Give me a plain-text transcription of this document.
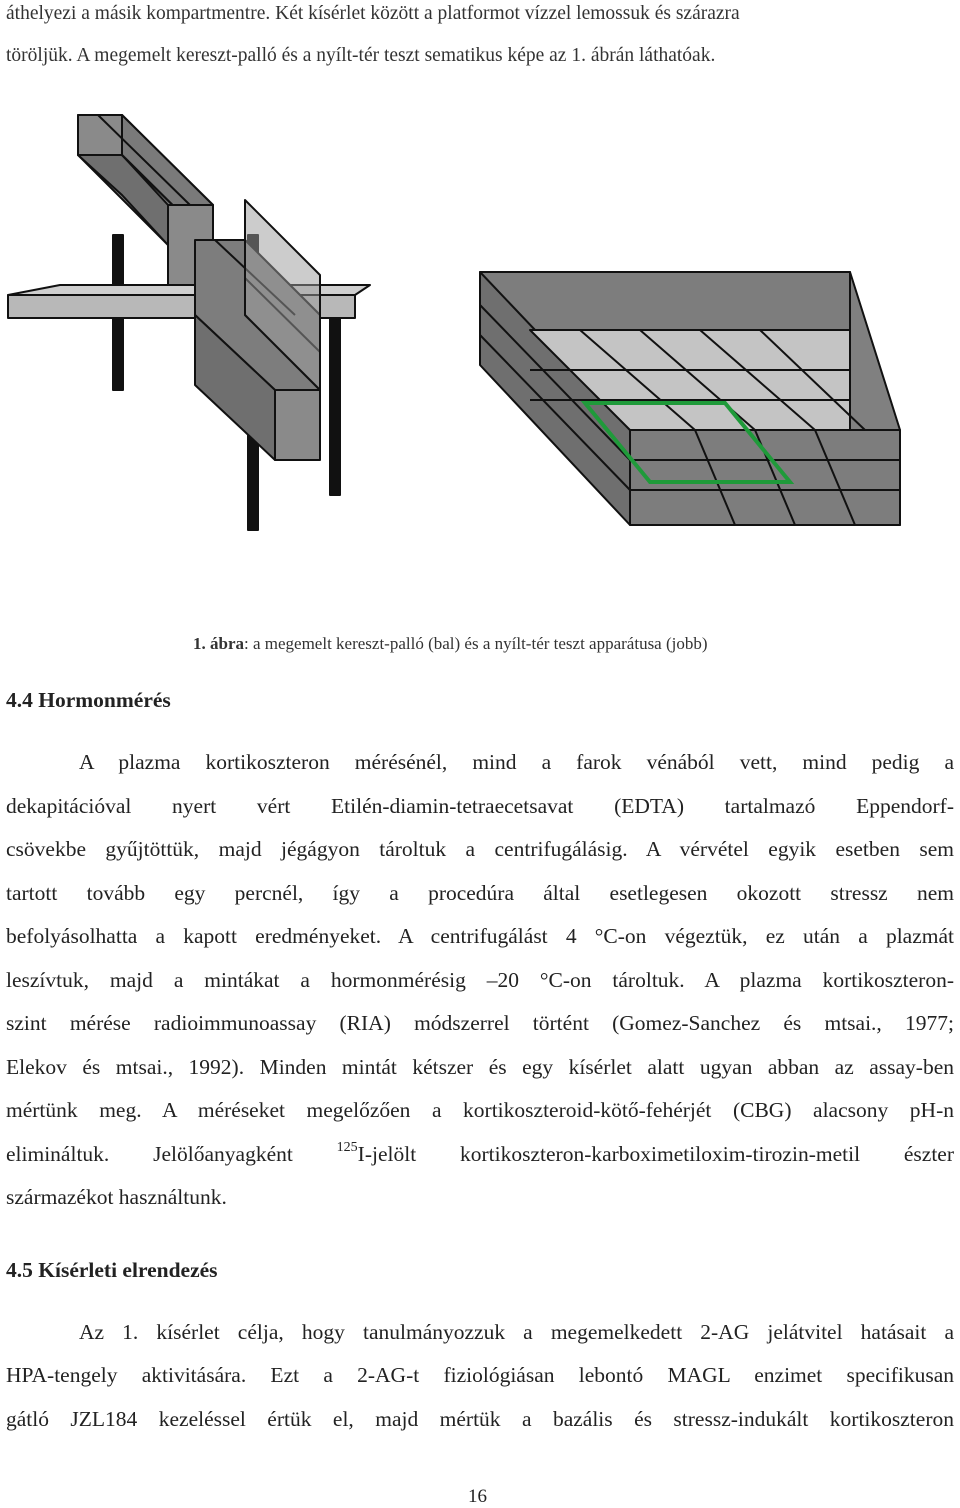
áthelyezi a másik kompartmentre. Két kísérlet között a platformot vízzel lemossuk és szárazra
töröljük. A megemelt kereszt-palló és a nyílt-tér teszt sematikus képe az 1. ábrán láthatóak.
1. ábra: a megemelt kereszt-palló (bal) és a nyílt-tér teszt apparátusa (jobb)
4.4 Hormonmérés
A plazma kortikoszteron mérésénél, mind a farok vénából vett, mind pedig a
dekapitációval nyert vért Etilén-diamin-tetraecetsavat (EDTA) tartalmazó Eppendorf-
csövekbe gyűjtöttük, majd jégágyon tároltuk a centrifugálásig. A vérvétel egyik esetben sem
tartott tovább egy percnél, így a procedúra által esetlegesen okozott stressz nem
befolyásolhatta a kapott eredményeket. A centrifugálást 4 °C-on végeztük, ez után a plazmát
leszívtuk, majd a mintákat a hormonmérésig –20 °C-on tároltuk. A plazma kortikoszteron-
szint mérése radioimmunoassay (RIA) módszerrel történt (Gomez-Sanchez és mtsai., 1977;
Elekov és mtsai., 1992). Minden mintát kétszer és egy kísérlet alatt ugyan abban az assay-ben
mértünk meg. A méréseket megelőzően a kortikoszteroid-kötő-fehérjét (CBG) alacsony pH-n
elimináltuk. Jelölőanyagként $^{125}$I-jelölt kortikoszteron-karboximetiloxim-tirozin-metil észter
származékot használtunk.
4.5 Kísérleti elrendezés
Az 1. kísérlet célja, hogy tanulmányozzuk a megemelkedett 2-AG jelátvitel hatásait a
HPA-tengely aktivitására. Ezt a 2-AG-t fiziológiásan lebontó MAGL enzimet specifikusan
gátló JZL184 kezeléssel értük el, majd mértük a bazális és stressz-indukált kortikoszteron
16
